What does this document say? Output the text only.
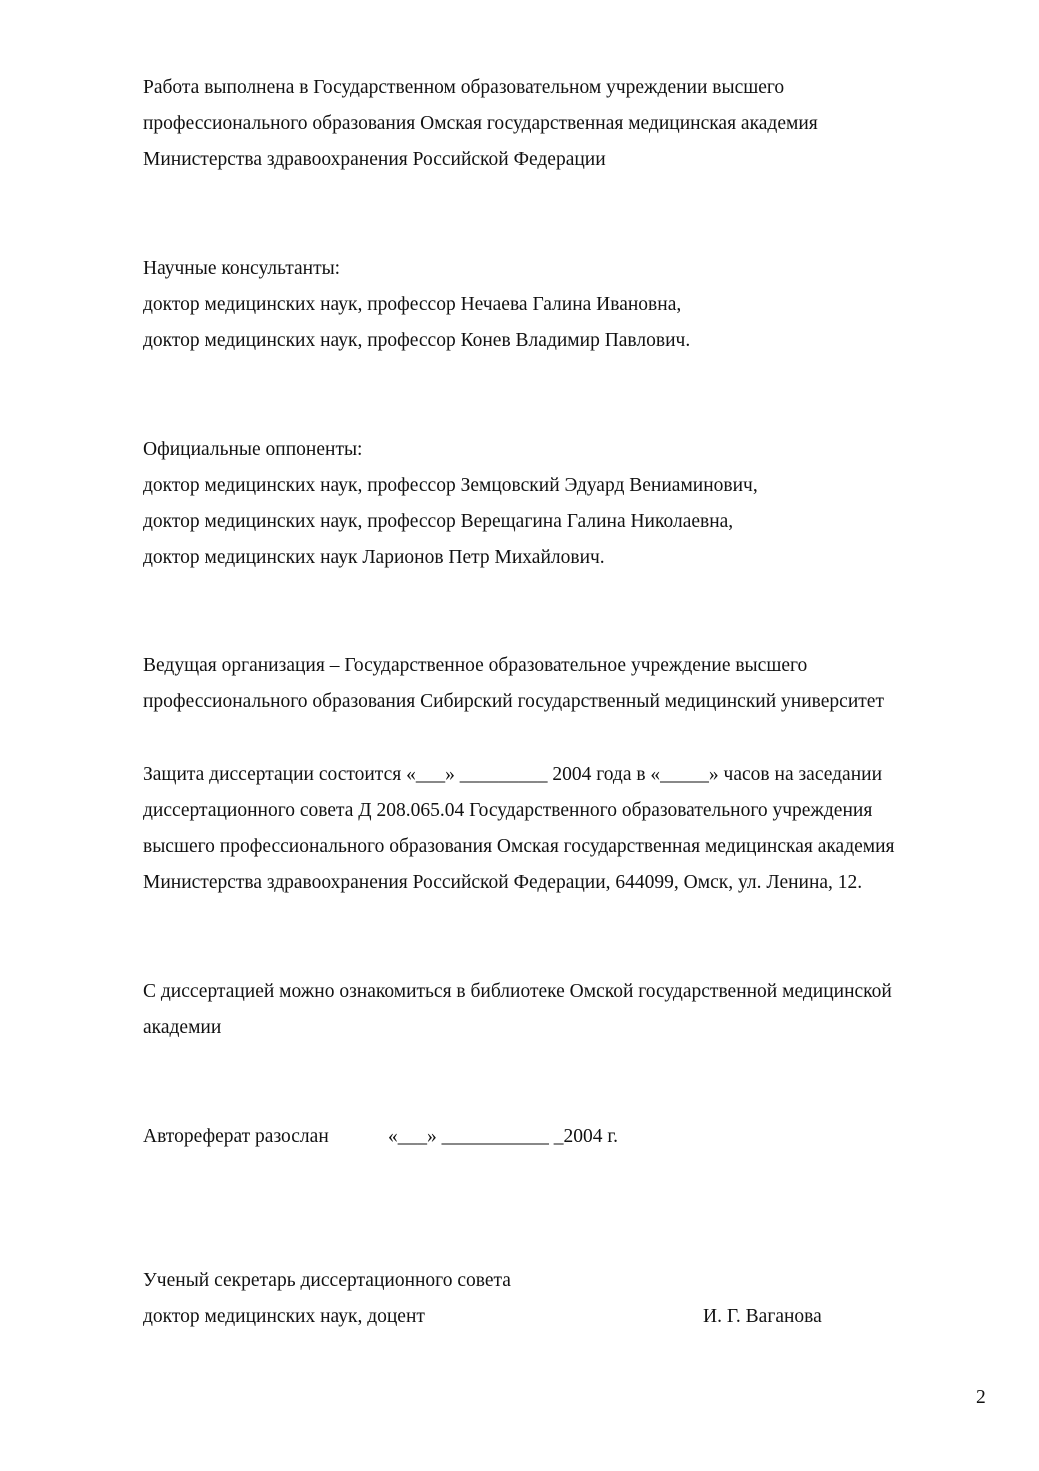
Работа выполнена в Государственном образовательном учреждении высшего
профессионального образования Омская государственная медицинская академия
Министерства здравоохранения Российской Федерации
Научные консультанты:
доктор медицинских наук, профессор Нечаева Галина Ивановна,
доктор медицинских наук, профессор Конев Владимир Павлович.
Официальные оппоненты:
доктор медицинских наук, профессор Земцовский Эдуард Вениаминович,
доктор медицинских наук, профессор Верещагина Галина Николаевна,
доктор медицинских наук Ларионов Петр Михайлович.
Ведущая организация – Государственное образовательное учреждение высшего
профессионального образования Сибирский государственный медицинский университет
Защита диссертации состоится «___» _________ 2004 года в «_____» часов на заседании
диссертационного совета Д 208.065.04 Государственного образовательного учреждения
высшего профессионального образования Омская государственная медицинская академия
Министерства здравоохранения Российской Федерации, 644099, Омск, ул. Ленина, 12.
С диссертацией можно ознакомиться в библиотеке Омской государственной медицинской
академии
Автореферат разослан	«___» ___________ _2004 г.
Ученый секретарь диссертационного совета
доктор медицинских наук, доцент	И. Г. Ваганова
2
